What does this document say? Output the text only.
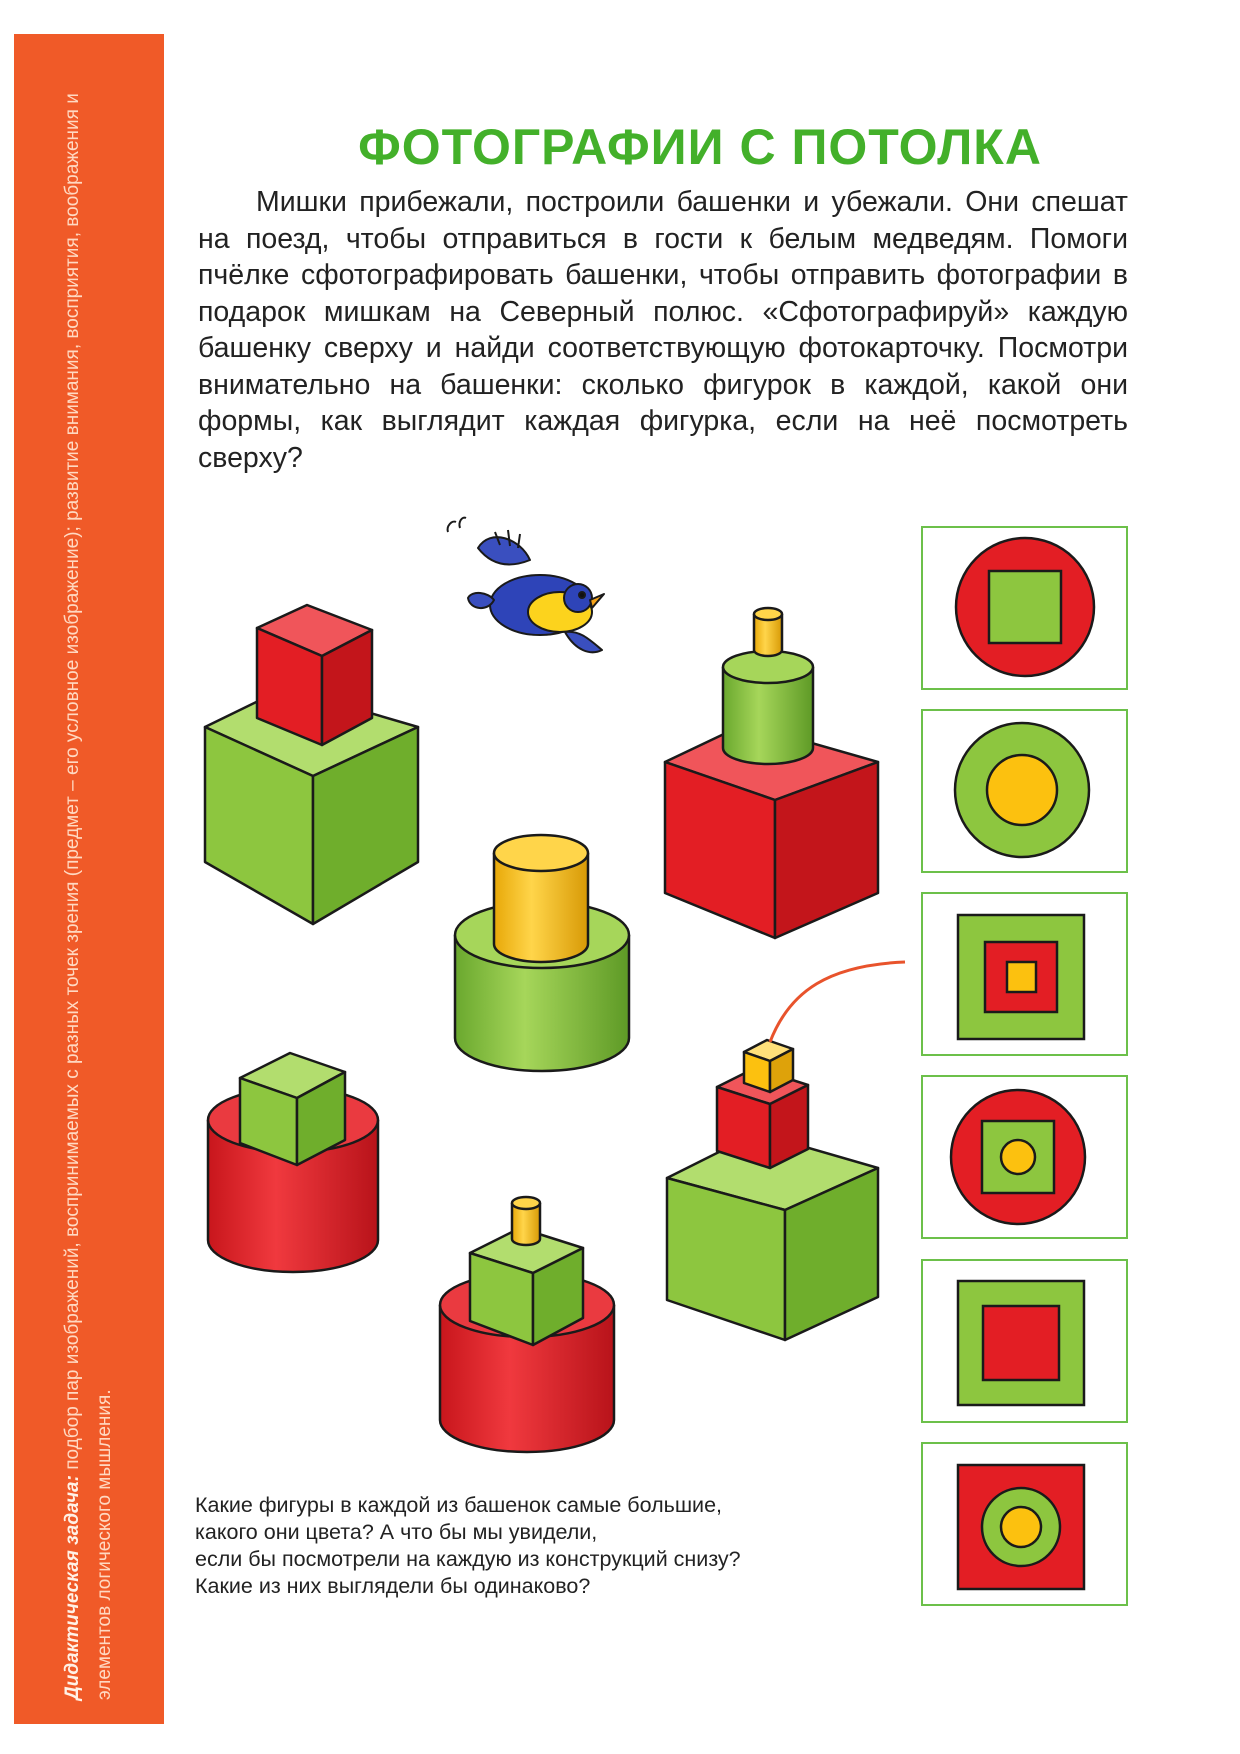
Дидактическая задача: подбор пар изображений, воспринимаемых с разных точек зрения (предмет – его условное изображение); развитие внимания, восприятия, воображения и элементов логического мышления.
ФОТОГРАФИИ С ПОТОЛКА
Мишки прибежали, построили башенки и убежали. Они спешат на поезд, чтобы отправиться в гости к белым медведям. Помоги пчёлке сфотографировать башенки, чтобы отправить фотографии в подарок мишкам на Северный полюс. «Сфотографируй» каждую башенку сверху и найди соответствующую фотокарточку. Посмотри внимательно на башенки: сколько фигурок в каждой, какой они формы, как выглядит каждая фигурка, если на неё посмотреть сверху?
Какие фигуры в каждой из башенок самые большие,
какого они цвета? А что бы мы увидели,
если бы посмотрели на каждую из конструкций снизу?
Какие из них выглядели бы одинаково?
